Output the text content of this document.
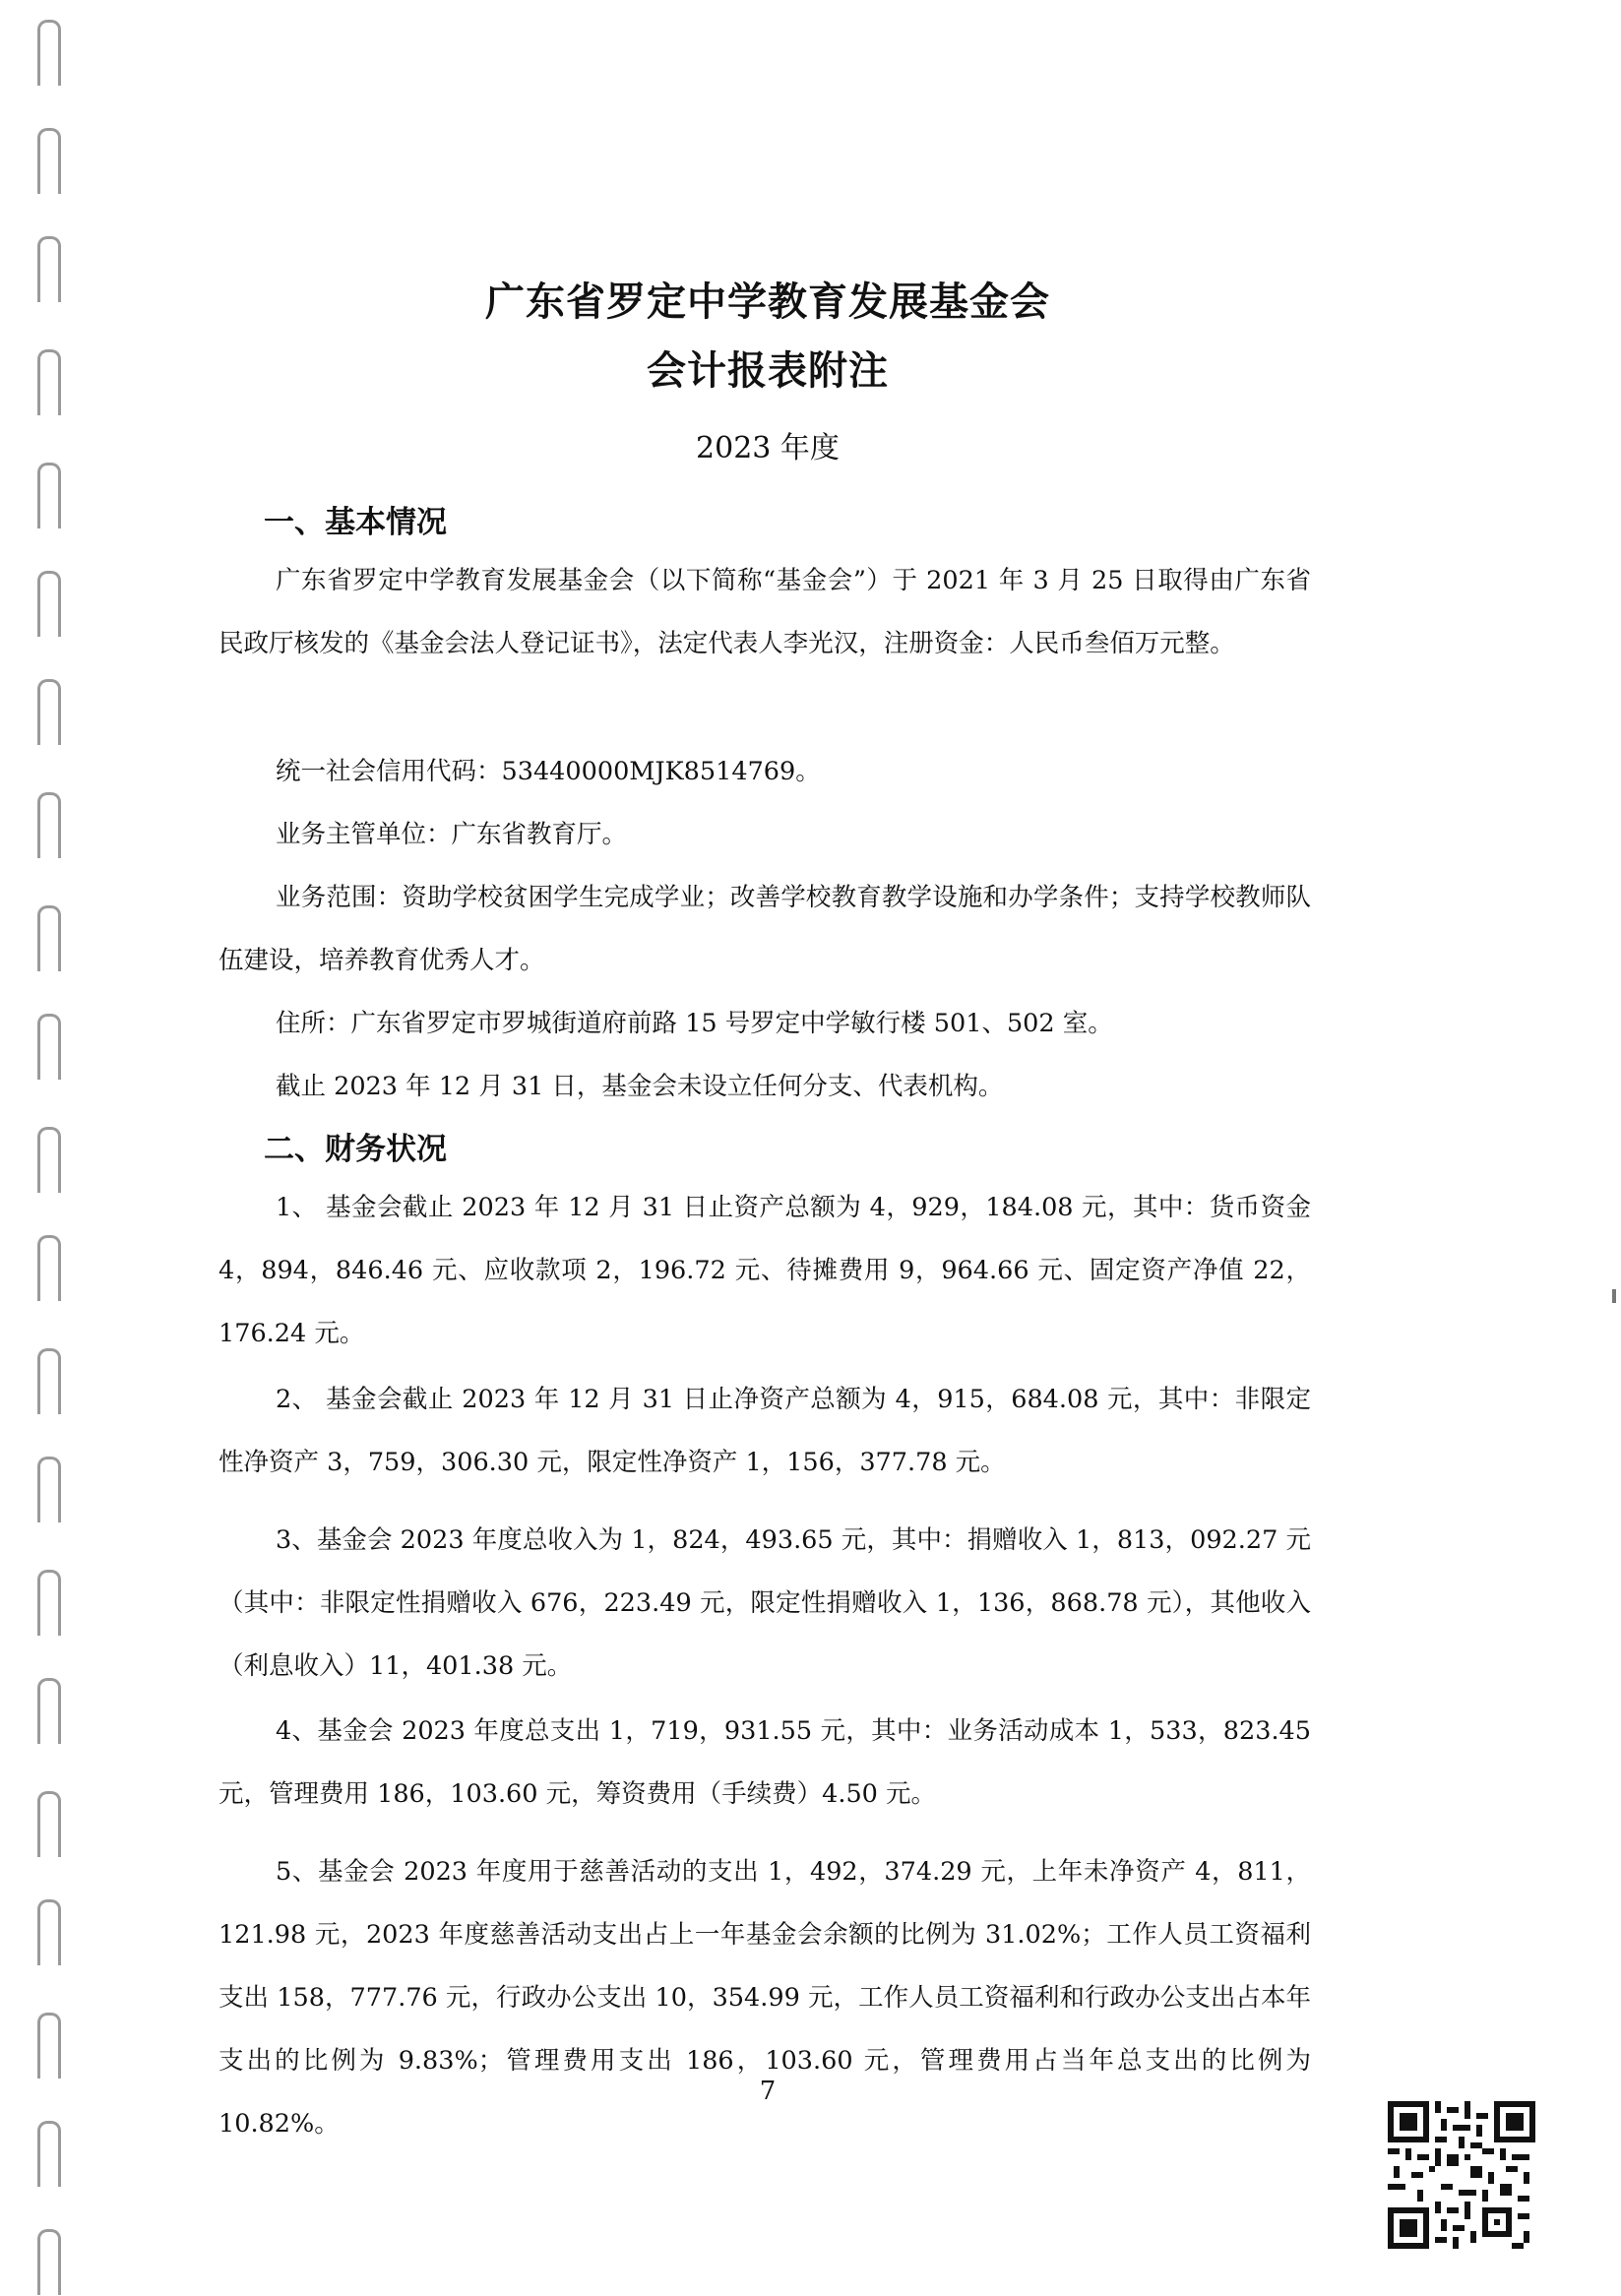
广东省罗定中学教育发展基金会
会计报表附注
2023 年度
一、基本情况

广东省罗定中学教育发展基金会（以下简称“基金会”）于 2021 年 3 月 25 日取得由广东省民政厅核发的《基金会法人登记证书》，法定代表人李光汉，注册资金：人民币叁佰万元整。

统一社会信用代码：53440000MJK8514769。

业务主管单位：广东省教育厅。

业务范围：资助学校贫困学生完成学业；改善学校教育教学设施和办学条件；支持学校教师队伍建设，培养教育优秀人才。

住所：广东省罗定市罗城街道府前路 15 号罗定中学敏行楼 501、502 室。

截止 2023 年 12 月 31 日，基金会未设立任何分支、代表机构。

二、财务状况

1、 基金会截止 2023 年 12 月 31 日止资产总额为 4，929，184.08 元，其中：货币资金 4，894，846.46 元、应收款项 2，196.72 元、待摊费用 9，964.66 元、固定资产净值 22，176.24 元。

2、 基金会截止 2023 年 12 月 31 日止净资产总额为 4，915，684.08 元，其中：非限定性净资产 3，759，306.30 元，限定性净资产 1，156，377.78 元。

3、基金会 2023 年度总收入为 1，824，493.65 元，其中：捐赠收入 1，813，092.27 元（其中：非限定性捐赠收入 676，223.49 元，限定性捐赠收入 1，136，868.78 元），其他收入（利息收入）11，401.38 元。

4、基金会 2023 年度总支出 1，719，931.55 元，其中：业务活动成本 1，533，823.45 元，管理费用 186，103.60 元，筹资费用（手续费）4.50 元。

5、基金会 2023 年度用于慈善活动的支出 1，492，374.29 元，上年未净资产 4，811，121.98 元，2023 年度慈善活动支出占上一年基金会余额的比例为 31.02%；工作人员工资福利支出 158，777.76 元，行政办公支出 10，354.99 元，工作人员工资福利和行政办公支出占本年支出的比例为 9.83%；管理费用支出 186，103.60 元，管理费用占当年总支出的比例为 10.82%。

7
